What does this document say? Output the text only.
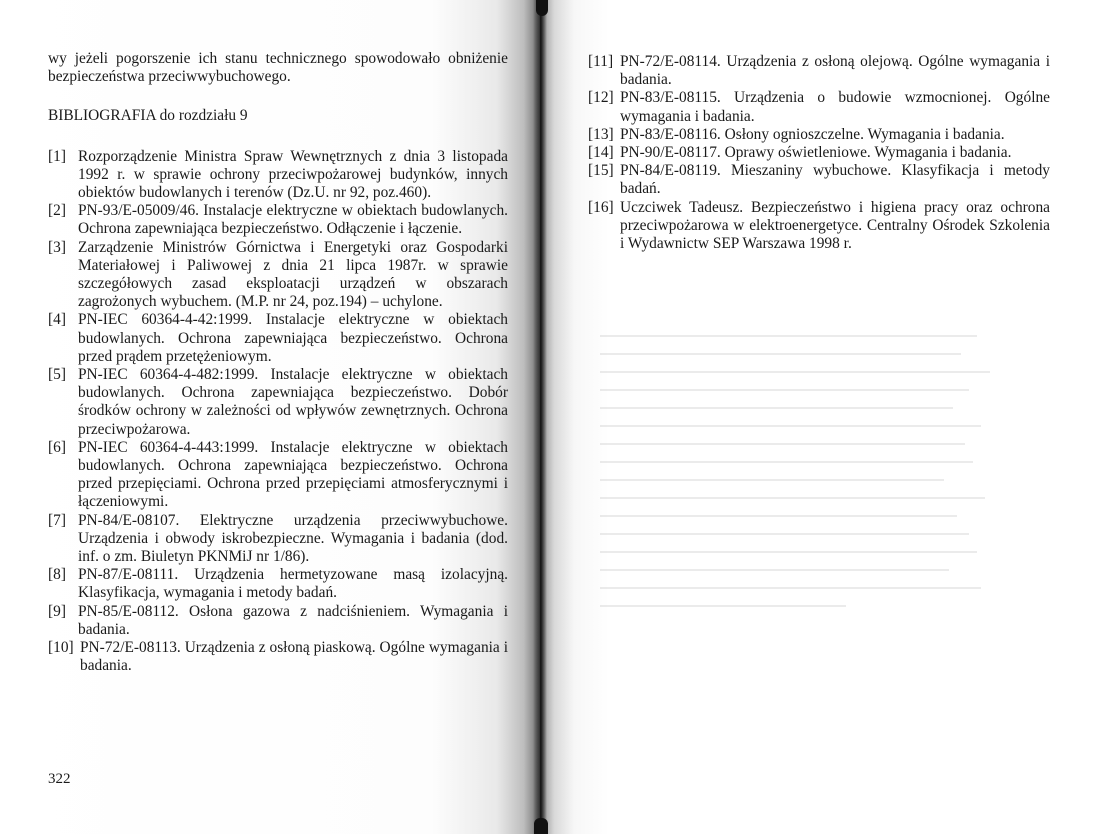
wy jeżeli pogorszenie ich stanu technicznego spowodowało obniżenie bezpieczeństwa przeciwwybuchowego.

BIBLIOGRAFIA do rozdziału 9

[1] Rozporządzenie Ministra Spraw Wewnętrznych z dnia 3 listopada 1992 r. w sprawie ochrony przeciwpożarowej budynków, innych obiektów budowlanych i terenów (Dz.U. nr 92, poz.460).
[2] PN-93/E-05009/46. Instalacje elektryczne w obiektach budowlanych. Ochrona zapewniająca bezpieczeństwo. Odłączenie i łączenie.
[3] Zarządzenie Ministrów Górnictwa i Energetyki oraz Gospodarki Materiałowej i Paliwowej z dnia 21 lipca 1987r. w sprawie szczegółowych zasad eksploatacji urządzeń w obszarach zagrożonych wybuchem. (M.P. nr 24, poz.194) – uchylone.
[4] PN-IEC 60364-4-42:1999. Instalacje elektryczne w obiektach budowlanych. Ochrona zapewniająca bezpieczeństwo. Ochrona przed prądem przetężeniowym.
[5] PN-IEC 60364-4-482:1999. Instalacje elektryczne w obiektach budowlanych. Ochrona zapewniająca bezpieczeństwo. Dobór środków ochrony w zależności od wpływów zewnętrznych. Ochrona przeciwpożarowa.
[6] PN-IEC 60364-4-443:1999. Instalacje elektryczne w obiektach budowlanych. Ochrona zapewniająca bezpieczeństwo. Ochrona przed przepięciami. Ochrona przed przepięciami atmosferycznymi i łączeniowymi.
[7] PN-84/E-08107. Elektryczne urządzenia przeciwwybuchowe. Urządzenia i obwody iskrobezpieczne. Wymagania i badania (dod. inf. o zm. Biuletyn PKNMiJ nr 1/86).
[8] PN-87/E-08111. Urządzenia hermetyzowane masą izolacyjną. Klasyfikacja, wymagania i metody badań.
[9] PN-85/E-08112. Osłona gazowa z nadciśnieniem. Wymagania i badania.
[10] PN-72/E-08113. Urządzenia z osłoną piaskową. Ogólne wymagania i badania.
322
[11] PN-72/E-08114. Urządzenia z osłoną olejową. Ogólne wymagania i badania.
[12] PN-83/E-08115. Urządzenia o budowie wzmocnionej. Ogólne wymagania i badania.
[13] PN-83/E-08116. Osłony ognioszczelne. Wymagania i badania.
[14] PN-90/E-08117. Oprawy oświetleniowe. Wymagania i badania.
[15] PN-84/E-08119. Mieszaniny wybuchowe. Klasyfikacja i metody badań.
[16] Uczciwek Tadeusz. Bezpieczeństwo i higiena pracy oraz ochrona przeciwpożarowa w elektroenergetyce. Centralny Ośrodek Szkolenia i Wydawnictw SEP Warszawa 1998 r.
